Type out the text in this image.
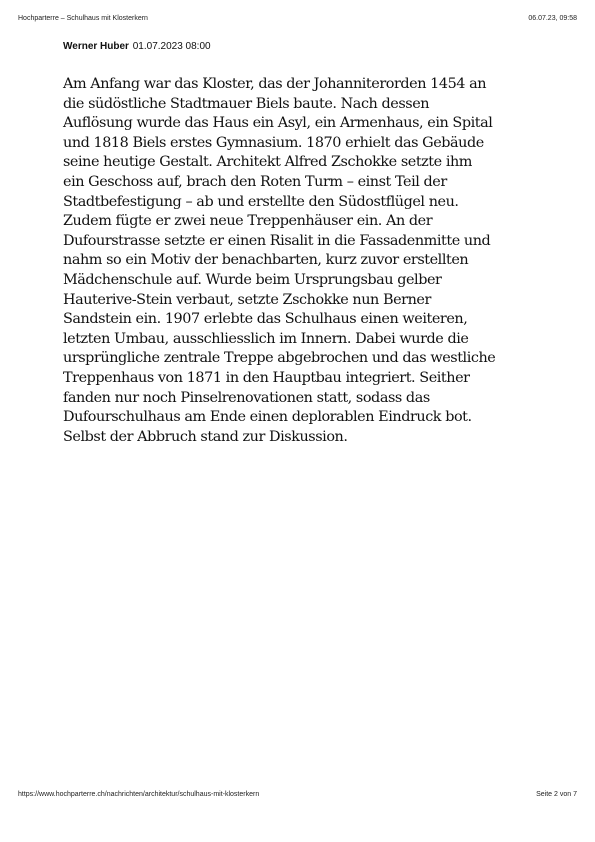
Hochparterre – Schulhaus mit Klosterkern	06.07.23, 09:58
Werner Huber 01.07.2023 08:00
Am Anfang war das Kloster, das der Johanniterorden 1454 an
die südöstliche Stadtmauer Biels baute. Nach dessen
Auflösung wurde das Haus ein Asyl, ein Armenhaus, ein Spital
und 1818 Biels erstes Gymnasium. 1870 erhielt das Gebäude
seine heutige Gestalt. Architekt Alfred Zschokke setzte ihm
ein Geschoss auf, brach den Roten Turm – einst Teil der
Stadtbefestigung – ab und erstellte den Südostflügel neu.
Zudem fügte er zwei neue Treppenhäuser ein. An der
Dufourstrasse setzte er einen Risalit in die Fassadenmitte und
nahm so ein Motiv der benachbarten, kurz zuvor erstellten
Mädchenschule auf. Wurde beim Ursprungsbau gelber
Hauterive-Stein verbaut, setzte Zschokke nun Berner
Sandstein ein. 1907 erlebte das Schulhaus einen weiteren,
letzten Umbau, ausschliesslich im Innern. Dabei wurde die
ursprüngliche zentrale Treppe abgebrochen und das westliche
Treppenhaus von 1871 in den Hauptbau integriert. Seither
fanden nur noch Pinselrenovationen statt, sodass das
Dufourschulhaus am Ende einen deplorablen Eindruck bot.
Selbst der Abbruch stand zur Diskussion.
https://www.hochparterre.ch/nachrichten/architektur/schulhaus-mit-klosterkern	Seite 2 von 7
